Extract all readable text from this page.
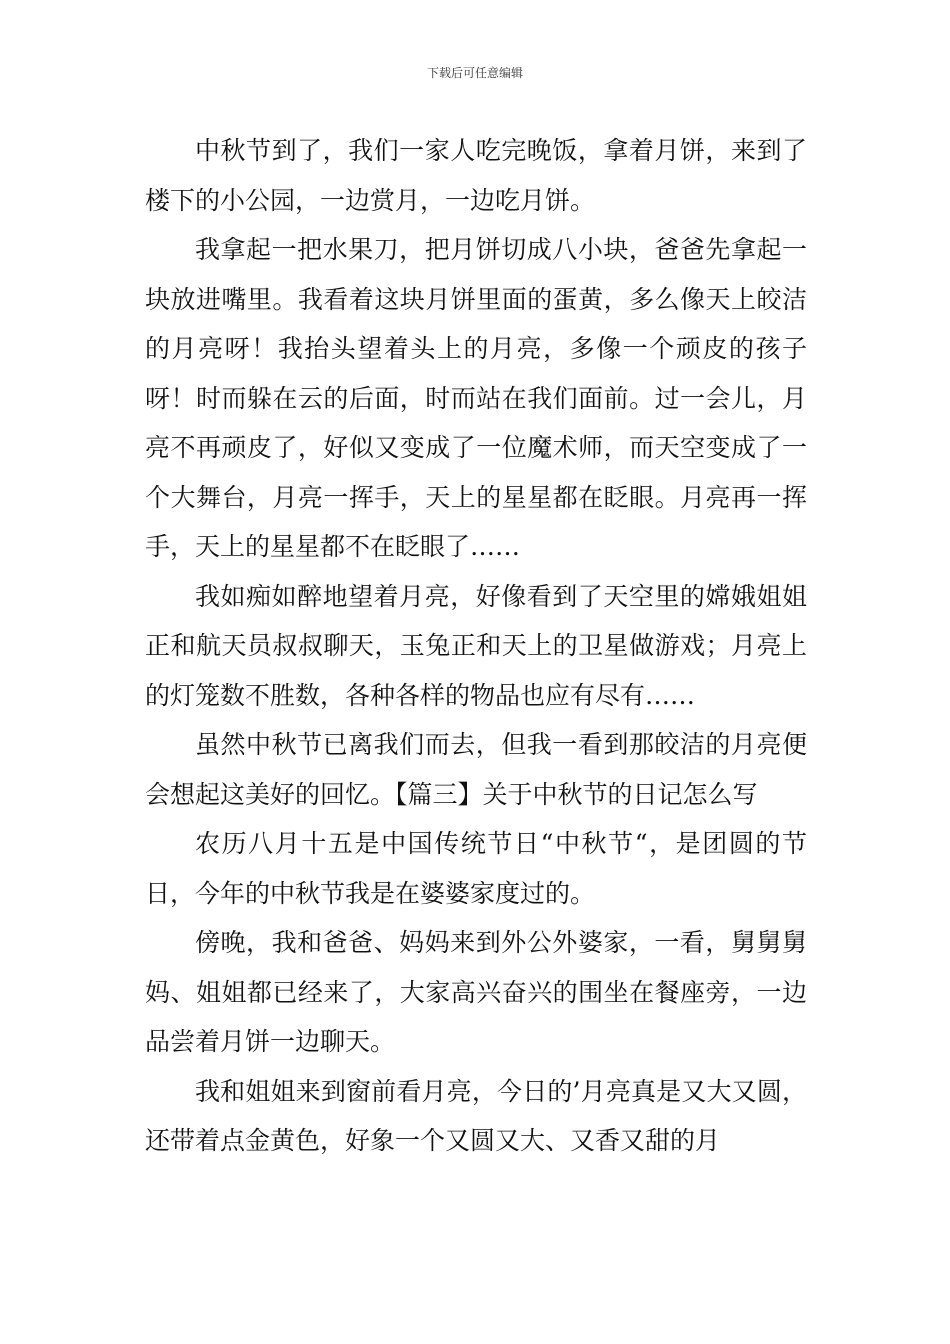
下载后可任意编辑

中秋节到了，我们一家人吃完晚饭，拿着月饼，来到了楼下的小公园，一边赏月，一边吃月饼。

我拿起一把水果刀，把月饼切成八小块，爸爸先拿起一块放进嘴里。我看着这块月饼里面的蛋黄，多么像天上皎洁的月亮呀！我抬头望着头上的月亮，多像一个顽皮的孩子呀！时而躲在云的后面，时而站在我们面前。过一会儿，月亮不再顽皮了，好似又变成了一位魔术师，而天空变成了一个大舞台，月亮一挥手，天上的星星都在眨眼。月亮再一挥手，天上的星星都不在眨眼了……

我如痴如醉地望着月亮，好像看到了天空里的嫦娥姐姐正和航天员叔叔聊天，玉兔正和天上的卫星做游戏；月亮上的灯笼数不胜数，各种各样的物品也应有尽有……

虽然中秋节已离我们而去，但我一看到那皎洁的月亮便会想起这美好的回忆。【篇三】关于中秋节的日记怎么写

农历八月十五是中国传统节日“中秋节“，是团圆的节日，今年的中秋节我是在婆婆家度过的。

傍晚，我和爸爸、妈妈来到外公外婆家，一看，舅舅舅妈、姐姐都已经来了，大家高兴奋兴的围坐在餐座旁，一边品尝着月饼一边聊天。

我和姐姐来到窗前看月亮，今日的’月亮真是又大又圆，还带着点金黄色，好象一个又圆又大、又香又甜的月
